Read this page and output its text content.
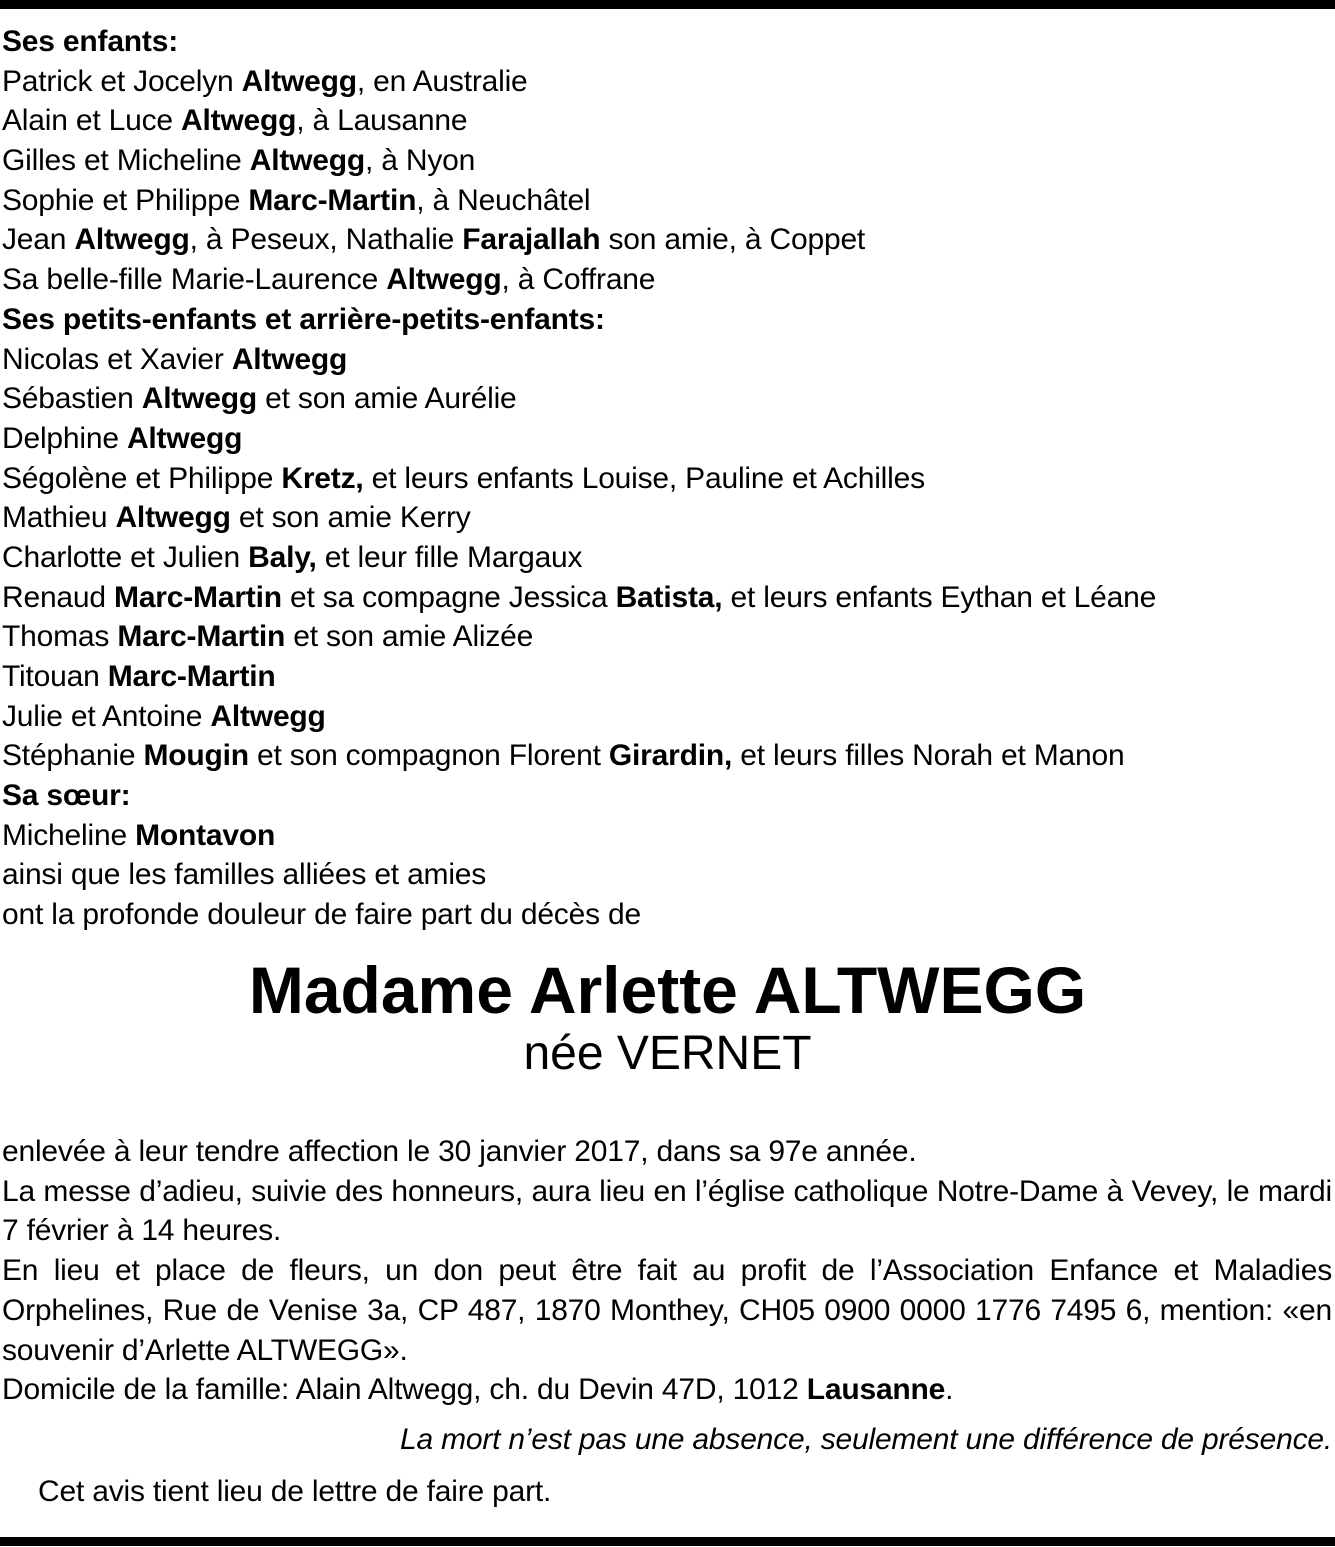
Ses enfants:
Patrick et Jocelyn Altwegg, en Australie
Alain et Luce Altwegg, à Lausanne
Gilles et Micheline Altwegg, à Nyon
Sophie et Philippe Marc-Martin, à Neuchâtel
Jean Altwegg, à Peseux, Nathalie Farajallah son amie, à Coppet
Sa belle-fille Marie-Laurence Altwegg, à Coffrane
Ses petits-enfants et arrière-petits-enfants:
Nicolas et Xavier Altwegg
Sébastien Altwegg et son amie Aurélie
Delphine Altwegg
Ségolène et Philippe Kretz, et leurs enfants Louise, Pauline et Achilles
Mathieu Altwegg et son amie Kerry
Charlotte et Julien Baly, et leur fille Margaux
Renaud Marc-Martin et sa compagne Jessica Batista, et leurs enfants Eythan et Léane
Thomas Marc-Martin et son amie Alizée
Titouan Marc-Martin
Julie et Antoine Altwegg
Stéphanie Mougin et son compagnon Florent Girardin, et leurs filles Norah et Manon
Sa sœur:
Micheline Montavon
ainsi que les familles alliées et amies
ont la profonde douleur de faire part du décès de
Madame Arlette ALTWEGG
née VERNET

enlevée à leur tendre affection le 30 janvier 2017, dans sa 97e année.

La messe d’adieu, suivie des honneurs, aura lieu en l’église catholique Notre-Dame à Vevey, le mardi 7 février à 14 heures.

En lieu et place de fleurs, un don peut être fait au profit de l’Association Enfance et Maladies Orphelines, Rue de Venise 3a, CP 487, 1870 Monthey, CH05 0900 0000 1776 7495 6, mention: «en souvenir d’Arlette ALTWEGG».

Domicile de la famille: Alain Altwegg, ch. du Devin 47D, 1012 Lausanne.

La mort n’est pas une absence, seulement une différence de présence.
Cet avis tient lieu de lettre de faire part.
